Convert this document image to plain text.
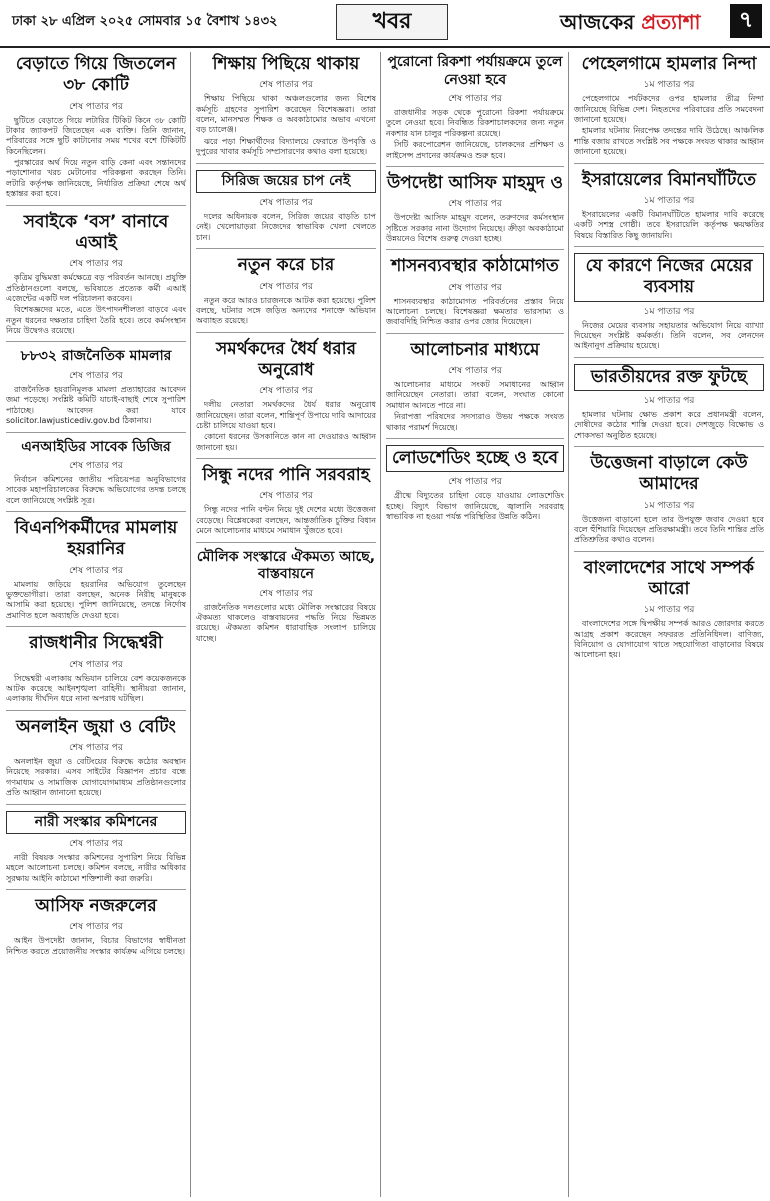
ঢাকা ২৮ এপ্রিল ২০২৫ সোমবার ১৫ বৈশাখ ১৪৩২	খবর	আজকের প্রত্যাশা	৭
বেড়াতে গিয়ে জিতলেন ৩৮ কোটি
শেষ পাতার পর

ছুটিতে বেড়াতে গিয়ে লটারির টিকিট কিনে ৩৮ কোটি টাকার জ্যাকপট জিতেছেন এক ব্যক্তি। তিনি জানান, পরিবারের সঙ্গে ছুটি কাটানোর সময় শখের বশে টিকিটটি কিনেছিলেন।

পুরস্কারের অর্থ দিয়ে নতুন বাড়ি কেনা এবং সন্তানদের পড়াশোনার খরচ মেটানোর পরিকল্পনা করছেন তিনি। লটারি কর্তৃপক্ষ জানিয়েছে, নির্ধারিত প্রক্রিয়া শেষে অর্থ হস্তান্তর করা হবে।

সবাইকে ‘বস’ বানাবে এআই
শেষ পাতার পর

কৃত্রিম বুদ্ধিমত্তা কর্মক্ষেত্রে বড় পরিবর্তন আনছে। প্রযুক্তি প্রতিষ্ঠানগুলো বলছে, ভবিষ্যতে প্রত্যেক কর্মী এআই এজেন্টের একটি দল পরিচালনা করবেন।

বিশেষজ্ঞদের মতে, এতে উৎপাদনশীলতা বাড়বে এবং নতুন ধরনের দক্ষতার চাহিদা তৈরি হবে। তবে কর্মসংস্থান নিয়ে উদ্বেগও রয়েছে।

৮৮৩২ রাজনৈতিক মামলার
শেষ পাতার পর

রাজনৈতিক হয়রানিমূলক মামলা প্রত্যাহারের আবেদন জমা পড়েছে। সংশ্লিষ্ট কমিটি যাচাই-বাছাই শেষে সুপারিশ পাঠাচ্ছে। আবেদন করা যাবে solicitor.lawjusticediv.gov.bd ঠিকানায়।

এনআইডির সাবেক ডিজির
শেষ পাতার পর

নির্বাচন কমিশনের জাতীয় পরিচয়পত্র অনুবিভাগের সাবেক মহাপরিচালকের বিরুদ্ধে অভিযোগের তদন্ত চলছে বলে জানিয়েছে সংশ্লিষ্ট সূত্র।

বিএনপিকর্মীদের মামলায় হয়রানির
শেষ পাতার পর

মামলায় জড়িয়ে হয়রানির অভিযোগ তুলেছেন ভুক্তভোগীরা। তারা বলছেন, অনেক নিরীহ মানুষকে আসামি করা হয়েছে। পুলিশ জানিয়েছে, তদন্তে নির্দোষ প্রমাণিত হলে অব্যাহতি দেওয়া হবে।

রাজধানীর সিদ্ধেশ্বরী
শেষ পাতার পর

সিদ্ধেশ্বরী এলাকায় অভিযান চালিয়ে বেশ কয়েকজনকে আটক করেছে আইনশৃঙ্খলা বাহিনী। স্থানীয়রা জানান, এলাকায় দীর্ঘদিন ধরে নানা অপরাধ ঘটছিল।

অনলাইন জুয়া ও বেটিং
শেষ পাতার পর

অনলাইন জুয়া ও বেটিংয়ের বিরুদ্ধে কঠোর অবস্থান নিয়েছে সরকার। এসব সাইটের বিজ্ঞাপন প্রচার বন্ধে গণমাধ্যম ও সামাজিক যোগাযোগমাধ্যম প্রতিষ্ঠানগুলোর প্রতি আহ্বান জানানো হয়েছে।

নারী সংস্কার কমিশনের
শেষ পাতার পর

নারী বিষয়ক সংস্কার কমিশনের সুপারিশ নিয়ে বিভিন্ন মহলে আলোচনা চলছে। কমিশন বলছে, নারীর অধিকার সুরক্ষায় আইনি কাঠামো শক্তিশালী করা জরুরি।

আসিফ নজরুলের
শেষ পাতার পর

আইন উপদেষ্টা জানান, বিচার বিভাগের স্বাধীনতা নিশ্চিত করতে প্রয়োজনীয় সংস্কার কার্যক্রম এগিয়ে চলছে।

শিক্ষায় পিছিয়ে থাকায়
শেষ পাতার পর

শিক্ষায় পিছিয়ে থাকা অঞ্চলগুলোর জন্য বিশেষ কর্মসূচি গ্রহণের সুপারিশ করেছেন বিশেষজ্ঞরা। তারা বলেন, মানসম্মত শিক্ষক ও অবকাঠামোর অভাব এখনো বড় চ্যালেঞ্জ।

ঝরে পড়া শিক্ষার্থীদের বিদ্যালয়ে ফেরাতে উপবৃত্তি ও দুপুরের খাবার কর্মসূচি সম্প্রসারণের কথাও বলা হয়েছে।

সিরিজ জয়ের চাপ নেই
শেষ পাতার পর

দলের অধিনায়ক বলেন, সিরিজ জয়ের বাড়তি চাপ নেই। খেলোয়াড়রা নিজেদের স্বাভাবিক খেলা খেলতে চান।

নতুন করে চার
শেষ পাতার পর

নতুন করে আরও চারজনকে আটক করা হয়েছে। পুলিশ বলছে, ঘটনার সঙ্গে জড়িত অন্যদের শনাক্তে অভিযান অব্যাহত রয়েছে।

সমর্থকদের ধৈর্য ধরার অনুরোধ
শেষ পাতার পর

দলীয় নেতারা সমর্থকদের ধৈর্য ধরার অনুরোধ জানিয়েছেন। তারা বলেন, শান্তিপূর্ণ উপায়ে দাবি আদায়ের চেষ্টা চালিয়ে যাওয়া হবে।

কোনো ধরনের উসকানিতে কান না দেওয়ারও আহ্বান জানানো হয়।

সিন্ধু নদের পানি সরবরাহ
শেষ পাতার পর

সিন্ধু নদের পানি বণ্টন নিয়ে দুই দেশের মধ্যে উত্তেজনা বেড়েছে। বিশ্লেষকেরা বলছেন, আন্তর্জাতিক চুক্তির বিধান মেনে আলোচনার মাধ্যমে সমাধান খুঁজতে হবে।

মৌলিক সংস্কারে ঐকমত্য আছে, বাস্তবায়নে
শেষ পাতার পর

রাজনৈতিক দলগুলোর মধ্যে মৌলিক সংস্কারের বিষয়ে ঐকমত্য থাকলেও বাস্তবায়নের পদ্ধতি নিয়ে ভিন্নমত রয়েছে। ঐকমত্য কমিশন ধারাবাহিক সংলাপ চালিয়ে যাচ্ছে।

পুরোনো রিকশা পর্যায়ক্রমে তুলে নেওয়া হবে
শেষ পাতার পর

রাজধানীর সড়ক থেকে পুরোনো রিকশা পর্যায়ক্রমে তুলে নেওয়া হবে। নিবন্ধিত রিকশাচালকদের জন্য নতুন নকশার যান চালুর পরিকল্পনা রয়েছে।

সিটি করপোরেশন জানিয়েছে, চালকদের প্রশিক্ষণ ও লাইসেন্স প্রদানের কার্যক্রমও শুরু হবে।

উপদেষ্টা আসিফ মাহমুদ ও
শেষ পাতার পর

উপদেষ্টা আসিফ মাহমুদ বলেন, তরুণদের কর্মসংস্থান সৃষ্টিতে সরকার নানা উদ্যোগ নিয়েছে। ক্রীড়া অবকাঠামো উন্নয়নেও বিশেষ গুরুত্ব দেওয়া হচ্ছে।

শাসনব্যবস্থার কাঠামোগত
শেষ পাতার পর

শাসনব্যবস্থার কাঠামোগত পরিবর্তনের প্রস্তাব নিয়ে আলোচনা চলছে। বিশেষজ্ঞরা ক্ষমতার ভারসাম্য ও জবাবদিহি নিশ্চিত করার ওপর জোর দিয়েছেন।

আলোচনার মাধ্যমে
শেষ পাতার পর

আলোচনার মাধ্যমে সংকট সমাধানের আহ্বান জানিয়েছেন নেতারা। তারা বলেন, সংঘাত কোনো সমাধান আনতে পারে না।

নিরাপত্তা পরিষদের সদস্যরাও উভয় পক্ষকে সংযত থাকার পরামর্শ দিয়েছে।

লোডশেডিং হচ্ছে ও হবে
শেষ পাতার পর

গ্রীষ্মে বিদ্যুতের চাহিদা বেড়ে যাওয়ায় লোডশেডিং হচ্ছে। বিদ্যুৎ বিভাগ জানিয়েছে, জ্বালানি সরবরাহ স্বাভাবিক না হওয়া পর্যন্ত পরিস্থিতির উন্নতি কঠিন।

পেহেলগামে হামলার নিন্দা
১ম পাতার পর

পেহেলগামে পর্যটকদের ওপর হামলার তীব্র নিন্দা জানিয়েছে বিভিন্ন দেশ। নিহতদের পরিবারের প্রতি সমবেদনা জানানো হয়েছে।

হামলার ঘটনায় নিরপেক্ষ তদন্তের দাবি উঠেছে। আঞ্চলিক শান্তি বজায় রাখতে সংশ্লিষ্ট সব পক্ষকে সংযত থাকার আহ্বান জানানো হয়েছে।

ইসরায়েলের বিমানঘাঁটিতে
১ম পাতার পর

ইসরায়েলের একটি বিমানঘাঁটিতে হামলার দাবি করেছে একটি সশস্ত্র গোষ্ঠী। তবে ইসরায়েলি কর্তৃপক্ষ ক্ষয়ক্ষতির বিষয়ে বিস্তারিত কিছু জানায়নি।

যে কারণে নিজের মেয়ের ব্যবসায়
১ম পাতার পর

নিজের মেয়ের ব্যবসায় সহায়তার অভিযোগ নিয়ে ব্যাখ্যা দিয়েছেন সংশ্লিষ্ট কর্মকর্তা। তিনি বলেন, সব লেনদেন আইনানুগ প্রক্রিয়ায় হয়েছে।

ভারতীয়দের রক্ত ফুটছে
১ম পাতার পর

হামলার ঘটনায় ক্ষোভ প্রকাশ করে প্রধানমন্ত্রী বলেন, দোষীদের কঠোর শাস্তি দেওয়া হবে। দেশজুড়ে বিক্ষোভ ও শোকসভা অনুষ্ঠিত হয়েছে।

উত্তেজনা বাড়ালে কেউ আমাদের
১ম পাতার পর

উত্তেজনা বাড়ানো হলে তার উপযুক্ত জবাব দেওয়া হবে বলে হুঁশিয়ারি দিয়েছেন প্রতিরক্ষামন্ত্রী। তবে তিনি শান্তির প্রতি প্রতিশ্রুতির কথাও বলেন।

বাংলাদেশের সাথে সম্পর্ক আরো
১ম পাতার পর

বাংলাদেশের সঙ্গে দ্বিপক্ষীয় সম্পর্ক আরও জোরদার করতে আগ্রহ প্রকাশ করেছেন সফররত প্রতিনিধিদল। বাণিজ্য, বিনিয়োগ ও যোগাযোগ খাতে সহযোগিতা বাড়ানোর বিষয়ে আলোচনা হয়।
